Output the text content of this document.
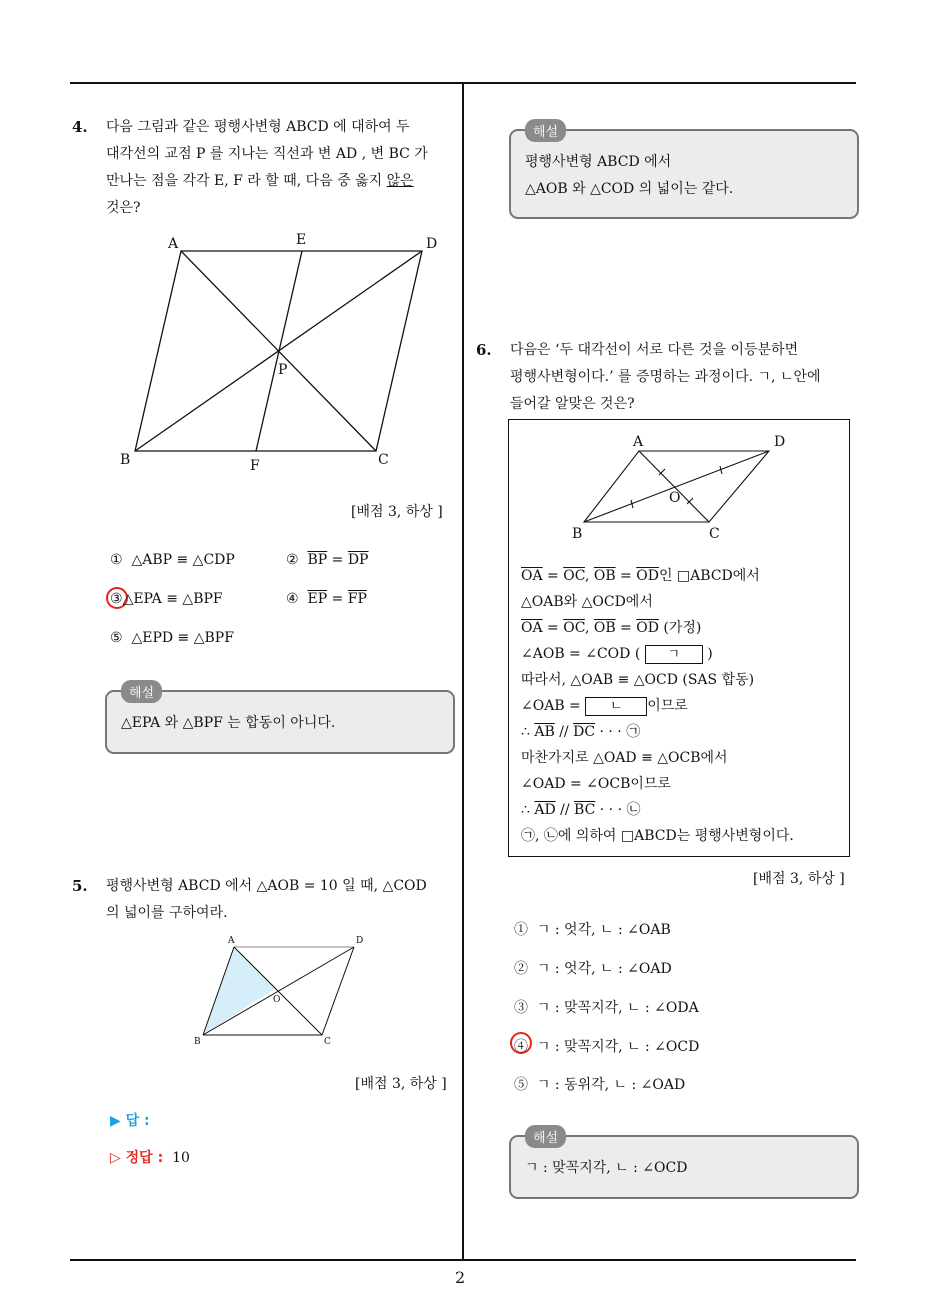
2
4. 다음 그림과 같은 평행사변형 ABCD 에 대하여 두
대각선의 교점 P 를 지나는 직선과 변 AD , 변 BC 가
만나는 점을 각각 E, F 라 할 때, 다음 중 옳지 않은
것은?
A	E	D
P
B	F	C
[배점 3, 하상 ]
① △ABP ≡ △CDP	② $\overline{BP} = \overline{DP}$
③△EPA ≡ △BPF	④ $\overline{EP} = \overline{FP}$
⑤ △EPD ≡ △BPF
해설
△EPA 와 △BPF 는 합동이 아니다.
5. 평행사변형 ABCD 에서 △AOB = 10 일 때, △COD
의 넓이를 구하여라.
A	D
O
B	C
[배점 3, 하상 ]
▶ 답 :
▷ 정답 : 10
해설
평행사변형 ABCD 에서
△AOB 와 △COD 의 넓이는 같다.
6. 다음은 ‘두 대각선이 서로 다른 것을 이등분하면
평행사변형이다.’ 를 증명하는 과정이다. ㄱ, ㄴ안에
들어갈 알맞은 것은?
A	D
O
B	C
$\overline{OA} = \overline{OC}$, $\overline{OB} = \overline{OD}$인 □ABCD에서
△OAB와 △OCD에서
$\overline{OA} = \overline{OC}$, $\overline{OB} = \overline{OD}$ (가정)
∠AOB = ∠COD ( ㄱ )
따라서, △OAB ≡ △OCD (SAS 합동)
∠OAB = ㄴ 이므로
∴ $\overline{AB} // \overline{DC}$ · · · ㉠
마찬가지로 △OAD ≡ △OCB에서
∠OAD = ∠OCB이므로
∴ $\overline{AD} // \overline{BC}$ · · · ㉡
㉠, ㉡에 의하여 □ABCD는 평행사변형이다.
[배점 3, 하상 ]
① ㄱ : 엇각, ㄴ : ∠OAB
② ㄱ : 엇각, ㄴ : ∠OAD
③ ㄱ : 맞꼭지각, ㄴ : ∠ODA
④ ㄱ : 맞꼭지각, ㄴ : ∠OCD
⑤ ㄱ : 동위각, ㄴ : ∠OAD
해설
ㄱ : 맞꼭지각, ㄴ : ∠OCD
